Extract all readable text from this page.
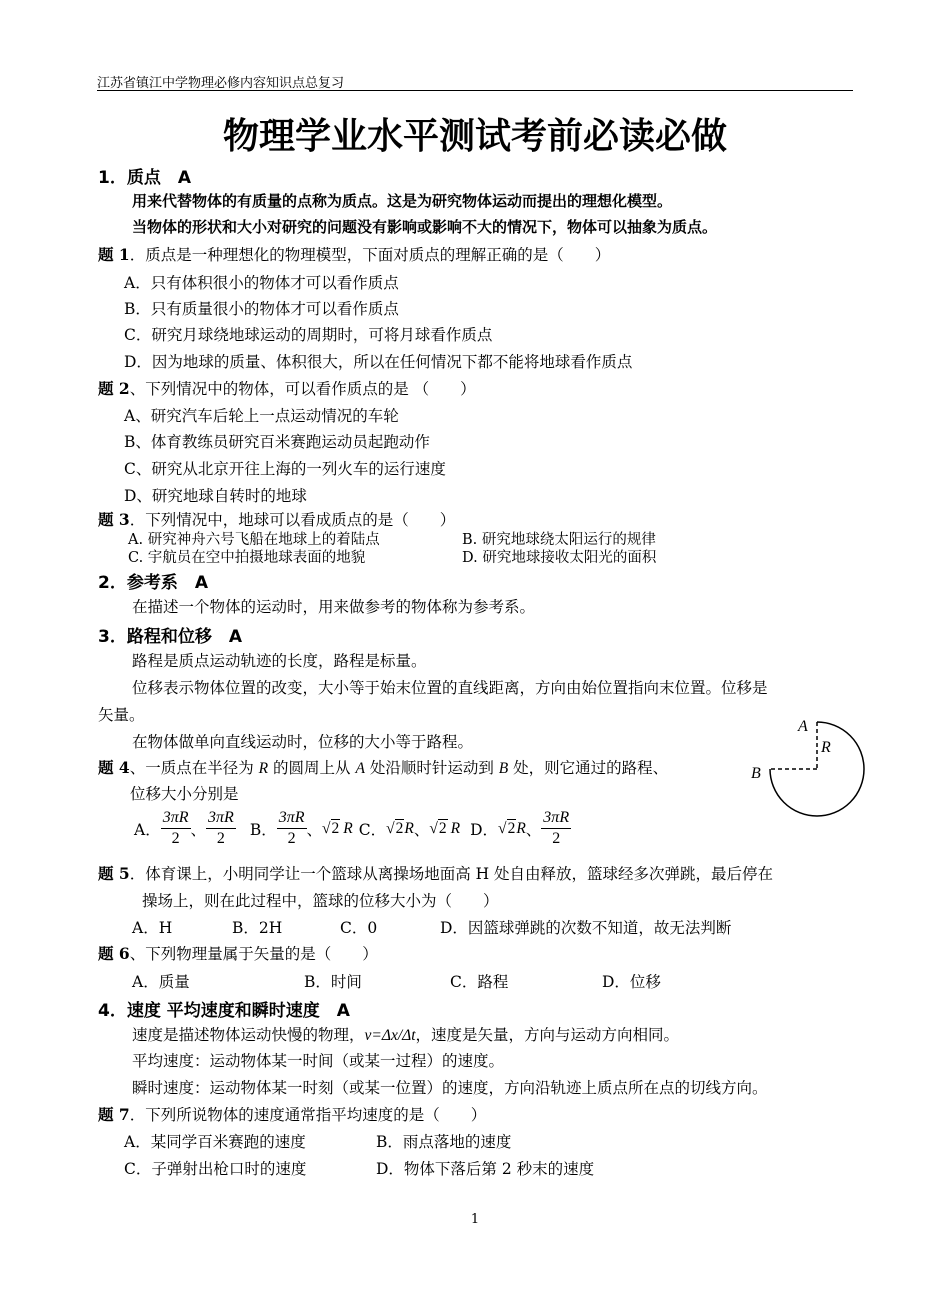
江苏省镇江中学物理必修内容知识点总复习
物理学业水平测试考前必读必做
1．质点　A
用来代替物体的有质量的点称为质点。这是为研究物体运动而提出的理想化模型。
当物体的形状和大小对研究的问题没有影响或影响不大的情况下，物体可以抽象为质点。
题 1．质点是一种理想化的物理模型，下面对质点的理解正确的是（　　）
A．只有体积很小的物体才可以看作质点
B．只有质量很小的物体才可以看作质点
C．研究月球绕地球运动的周期时，可将月球看作质点
D．因为地球的质量、体积很大，所以在任何情况下都不能将地球看作质点
题 2、下列情况中的物体，可以看作质点的是 （　　）
A、研究汽车后轮上一点运动情况的车轮
B、体育教练员研究百米赛跑运动员起跑动作
C、研究从北京开往上海的一列火车的运行速度
D、研究地球自转时的地球
题 3．下列情况中，地球可以看成质点的是（　　）
A. 研究神舟六号飞船在地球上的着陆点	B. 研究地球绕太阳运行的规律
C. 宇航员在空中拍摄地球表面的地貌	D. 研究地球接收太阳光的面积
2．参考系　A
在描述一个物体的运动时，用来做参考的物体称为参考系。
3．路程和位移　A
路程是质点运动轨迹的长度，路程是标量。
位移表示物体位置的改变，大小等于始末位置的直线距离，方向由始位置指向末位置。位移是
矢量。
在物体做单向直线运动时，位移的大小等于路程。
A
R
B
题 4、一质点在半径为 R 的圆周上从 A 处沿顺时针运动到 B 处，则它通过的路程、
位移大小分别是
A． $\frac{3\pi R}{2}$ 、 $\frac{3\pi R}{2}$ B． $\frac{3\pi R}{2}$ 、 √2 R C． √2 R 、 √2 R D． √2 R 、 $\frac{3\pi R}{2}$
题 5．体育课上，小明同学让一个篮球从离操场地面高 H 处自由释放，篮球经多次弹跳，最后停在
操场上，则在此过程中，篮球的位移大小为（　　）
A．H	B．2H	C．0	D．因篮球弹跳的次数不知道，故无法判断
题 6、下列物理量属于矢量的是（　　）
A．质量	B．时间	C．路程	D．位移
4．速度 平均速度和瞬时速度　A
速度是描述物体运动快慢的物理，v=Δx/Δt，速度是矢量，方向与运动方向相同。
平均速度：运动物体某一时间（或某一过程）的速度。
瞬时速度：运动物体某一时刻（或某一位置）的速度，方向沿轨迹上质点所在点的切线方向。
题 7．下列所说物体的速度通常指平均速度的是（　　）
A．某同学百米赛跑的速度	B．雨点落地的速度
C．子弹射出枪口时的速度	D．物体下落后第 2 秒末的速度
1
